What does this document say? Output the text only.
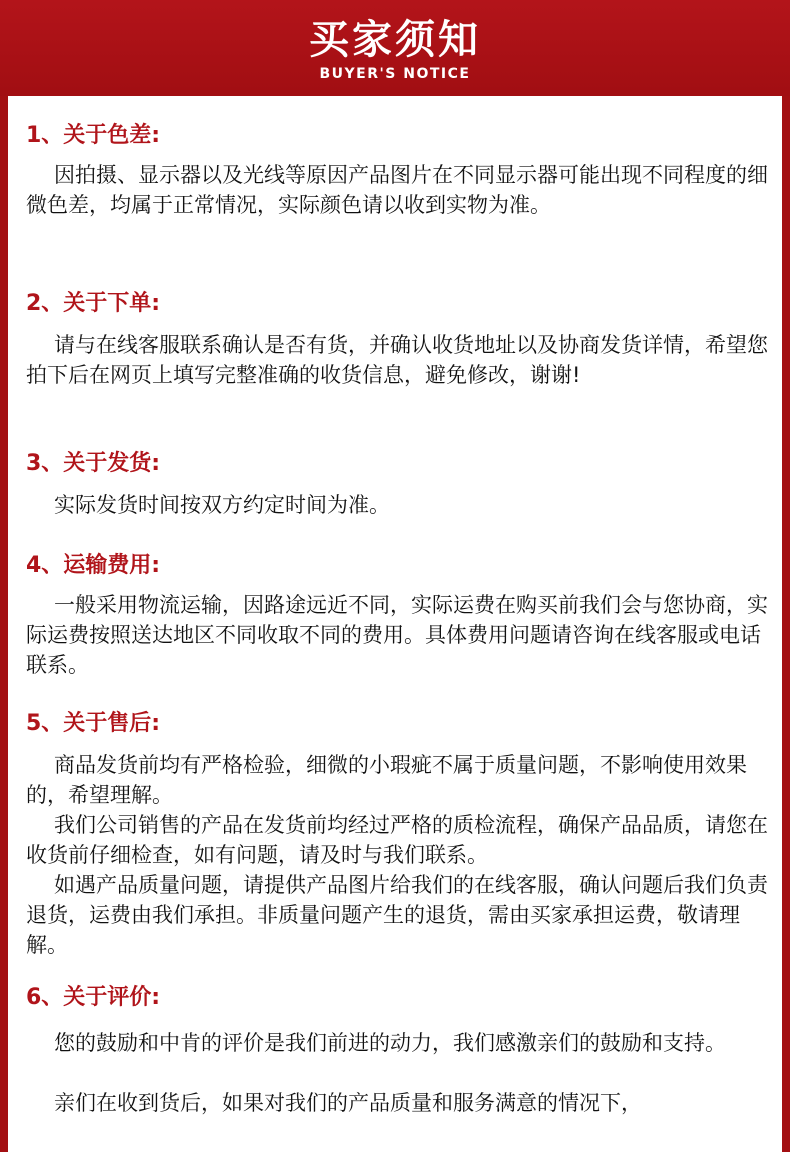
买家须知
BUYER'S NOTICE
1、关于色差:

因拍摄、显示器以及光线等原因产品图片在不同显示器可能出现不同程度的细微色差，均属于正常情况，实际颜色请以收到实物为准。

2、关于下单:

请与在线客服联系确认是否有货，并确认收货地址以及协商发货详情，希望您拍下后在网页上填写完整准确的收货信息，避免修改，谢谢!

3、关于发货:

实际发货时间按双方约定时间为准。

4、运输费用:

一般采用物流运输，因路途远近不同，实际运费在购买前我们会与您协商，实际运费按照送达地区不同收取不同的费用。具体费用问题请咨询在线客服或电话联系。

5、关于售后:

商品发货前均有严格检验，细微的小瑕疵不属于质量问题，不影响使用效果的，希望理解。

我们公司销售的产品在发货前均经过严格的质检流程，确保产品品质，请您在收货前仔细检查，如有问题，请及时与我们联系。

如遇产品质量问题，请提供产品图片给我们的在线客服，确认问题后我们负责退货，运费由我们承担。非质量问题产生的退货，需由买家承担运费，敬请理解。

6、关于评价:

您的鼓励和中肯的评价是我们前进的动力，我们感激亲们的鼓励和支持。

亲们在收到货后，如果对我们的产品质量和服务满意的情况下，
